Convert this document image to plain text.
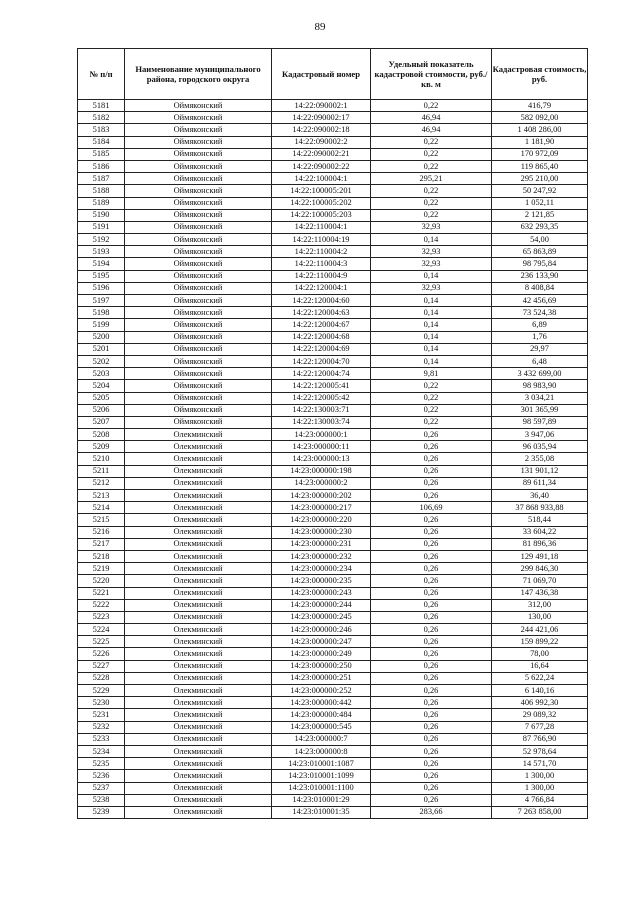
89
№ п/п	Наименование муниципального района, городского округа	Кадастровый номер	Удельный показатель кадастровой стоимости, руб./кв. м	Кадастровая стоимость, руб.
5181	Оймяконский	14:22:090002:1	0,22	416,79
5182	Оймяконский	14:22:090002:17	46,94	582 092,00
5183	Оймяконский	14:22:090002:18	46,94	1 408 286,00
5184	Оймяконский	14:22:090002:2	0,22	1 181,90
5185	Оймяконский	14:22:090002:21	0,22	170 972,09
5186	Оймяконский	14:22:090002:22	0,22	119 865,40
5187	Оймяконский	14:22:100004:1	295,21	295 210,00
5188	Оймяконский	14:22:100005:201	0,22	50 247,92
5189	Оймяконский	14:22:100005:202	0,22	1 052,11
5190	Оймяконский	14:22:100005:203	0,22	2 121,85
5191	Оймяконский	14:22:110004:1	32,93	632 293,35
5192	Оймяконский	14:22:110004:19	0,14	54,00
5193	Оймяконский	14:22:110004:2	32,93	65 863,89
5194	Оймяконский	14:22:110004:3	32,93	98 795,84
5195	Оймяконский	14:22:110004:9	0,14	236 133,90
5196	Оймяконский	14:22:120004:1	32,93	8 408,84
5197	Оймяконский	14:22:120004:60	0,14	42 456,69
5198	Оймяконский	14:22:120004:63	0,14	73 524,38
5199	Оймяконский	14:22:120004:67	0,14	6,89
5200	Оймяконский	14:22:120004:68	0,14	1,76
5201	Оймяконский	14:22:120004:69	0,14	29,97
5202	Оймяконский	14:22:120004:70	0,14	6,48
5203	Оймяконский	14:22:120004:74	9,81	3 432 699,00
5204	Оймяконский	14:22:120005:41	0,22	98 983,90
5205	Оймяконский	14:22:120005:42	0,22	3 034,21
5206	Оймяконский	14:22:130003:71	0,22	301 365,99
5207	Оймяконский	14:22:130003:74	0,22	98 597,89
5208	Олекминский	14:23:000000:1	0,26	3 947,06
5209	Олекминский	14:23:000000:11	0,26	96 035,94
5210	Олекминский	14:23:000000:13	0,26	2 355,08
5211	Олекминский	14:23:000000:198	0,26	131 901,12
5212	Олекминский	14:23:000000:2	0,26	89 611,34
5213	Олекминский	14:23:000000:202	0,26	36,40
5214	Олекминский	14:23:000000:217	106,69	37 868 933,88
5215	Олекминский	14:23:000000:220	0,26	518,44
5216	Олекминский	14:23:000000:230	0,26	33 604,22
5217	Олекминский	14:23:000000:231	0,26	81 896,36
5218	Олекминский	14:23:000000:232	0,26	129 491,18
5219	Олекминский	14:23:000000:234	0,26	299 846,30
5220	Олекминский	14:23:000000:235	0,26	71 069,70
5221	Олекминский	14:23:000000:243	0,26	147 436,38
5222	Олекминский	14:23:000000:244	0,26	312,00
5223	Олекминский	14:23:000000:245	0,26	130,00
5224	Олекминский	14:23:000000:246	0,26	244 421,06
5225	Олекминский	14:23:000000:247	0,26	159 899,22
5226	Олекминский	14:23:000000:249	0,26	78,00
5227	Олекминский	14:23:000000:250	0,26	16,64
5228	Олекминский	14:23:000000:251	0,26	5 622,24
5229	Олекминский	14:23:000000:252	0,26	6 140,16
5230	Олекминский	14:23:000000:442	0,26	406 992,30
5231	Олекминский	14:23:000000:484	0,26	29 089,32
5232	Олекминский	14:23:000000:545	0,26	7 677,28
5233	Олекминский	14:23:000000:7	0,26	87 766,90
5234	Олекминский	14:23:000000:8	0,26	52 978,64
5235	Олекминский	14:23:010001:1087	0,26	14 571,70
5236	Олекминский	14:23:010001:1099	0,26	1 300,00
5237	Олекминский	14:23:010001:1100	0,26	1 300,00
5238	Олекминский	14:23:010001:29	0,26	4 766,84
5239	Олекминский	14:23:010001:35	283,66	7 263 858,00
